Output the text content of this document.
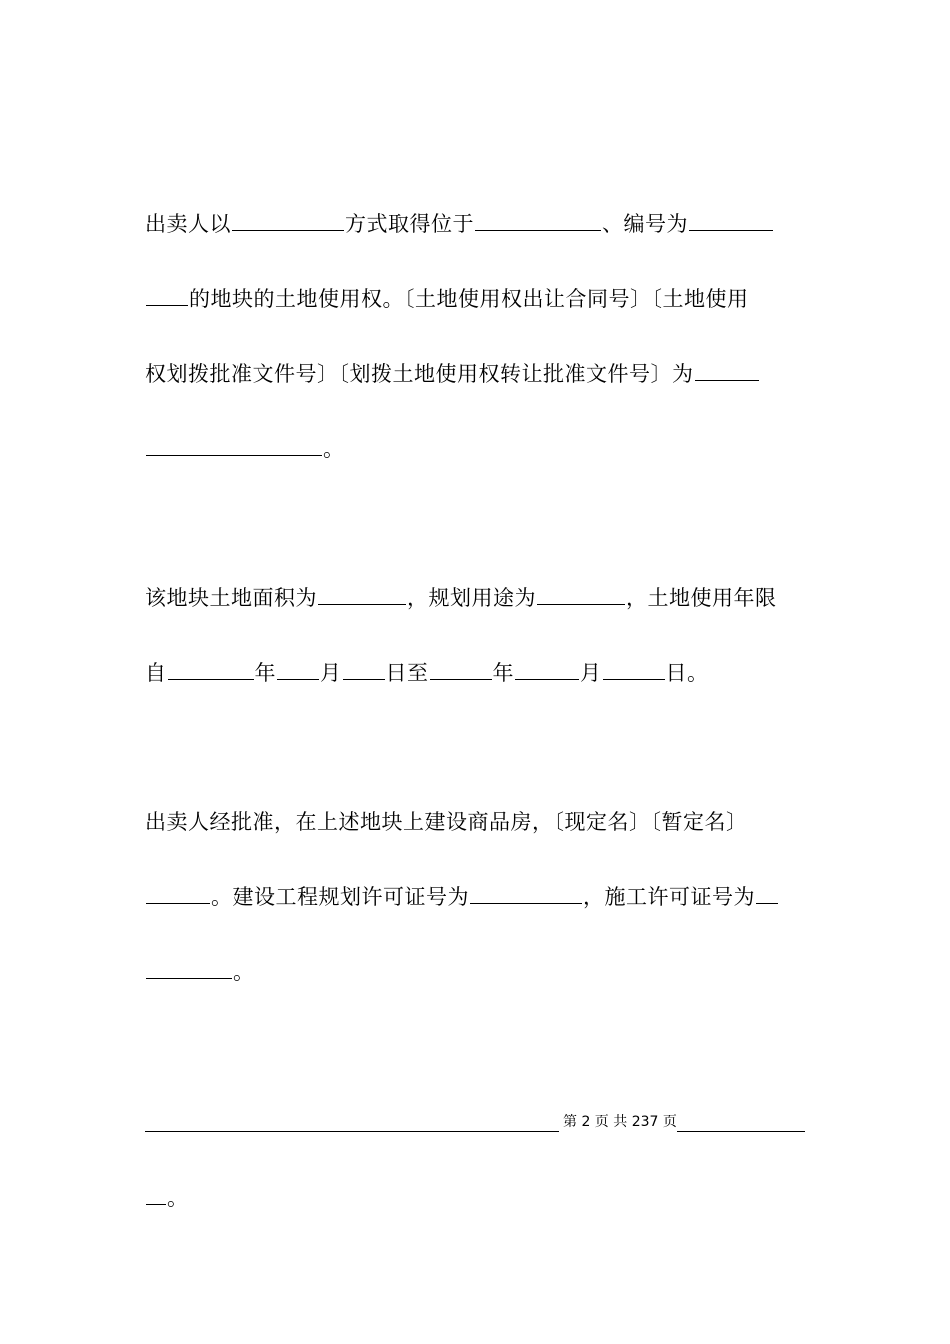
出卖人以	方式取得位于	、编号为
的地块的土地使用权。〔土地使用权出让合同号〕〔土地使用
权划拨批准文件号〕〔划拨土地使用权转让批准文件号〕为
。
该地块土地面积为	，规划用途为	，土地使用年限
自	年 月 日至	年	月	日。
出卖人经批准，在上述地块上建设商品房，〔现定名〕〔暂定名〕
。建设工程规划许可证号为	，施工许可证号为
。
第 2 页 共 237 页
。
